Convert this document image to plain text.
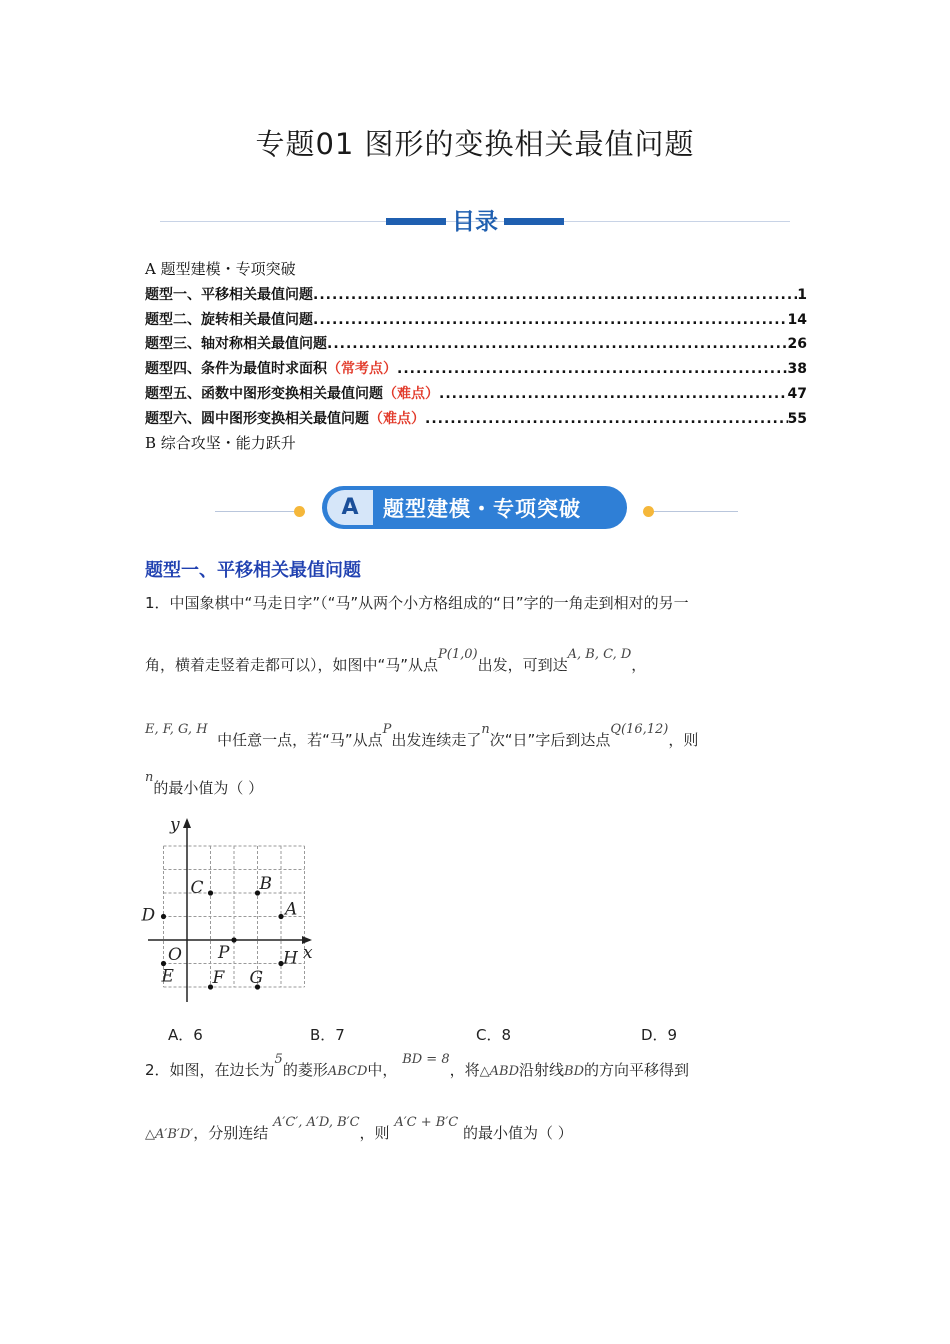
专题01 图形的变换相关最值问题
目录
A 题型建模・专项突破
题型一、平移相关最值问题 .....	1
题型二、旋转相关最值问题 .....	14
题型三、轴对称相关最值问题 .....	26
题型四、条件为最值时求面积 （常考点） .....	38
题型五、函数中图形变换相关最值问题 （难点） .....	47
题型六、圆中图形变换相关最值问题 （难点） .....	55
B 综合攻坚・能力跃升
A	题型建模・专项突破
题型一、平移相关最值问题
1．中国象棋中“马走日字”（“马”从两个小方格组成的“日”字的一角走到相对的另一
角，横着走竖着走都可以），如图中“马”从点P(1,0)出发，可到达A, B, C, D，
E, F, G, H  中任意一点，若“马”从点P出发连续走了n次“日”字后到达点Q(16,12)，则
n的最小值为（ ）
x
y
O
C	B
D	A
P	H
E F G
A．6	B．7	C．8	D．9
2．如图，在边长为5的菱形ABCD中， BD = 8，将△ABD沿射线BD的方向平移得到
△A′B′D′，分别连结 A′C′, A′D, B′C，则 A′C + B′C 的最小值为（ ）
